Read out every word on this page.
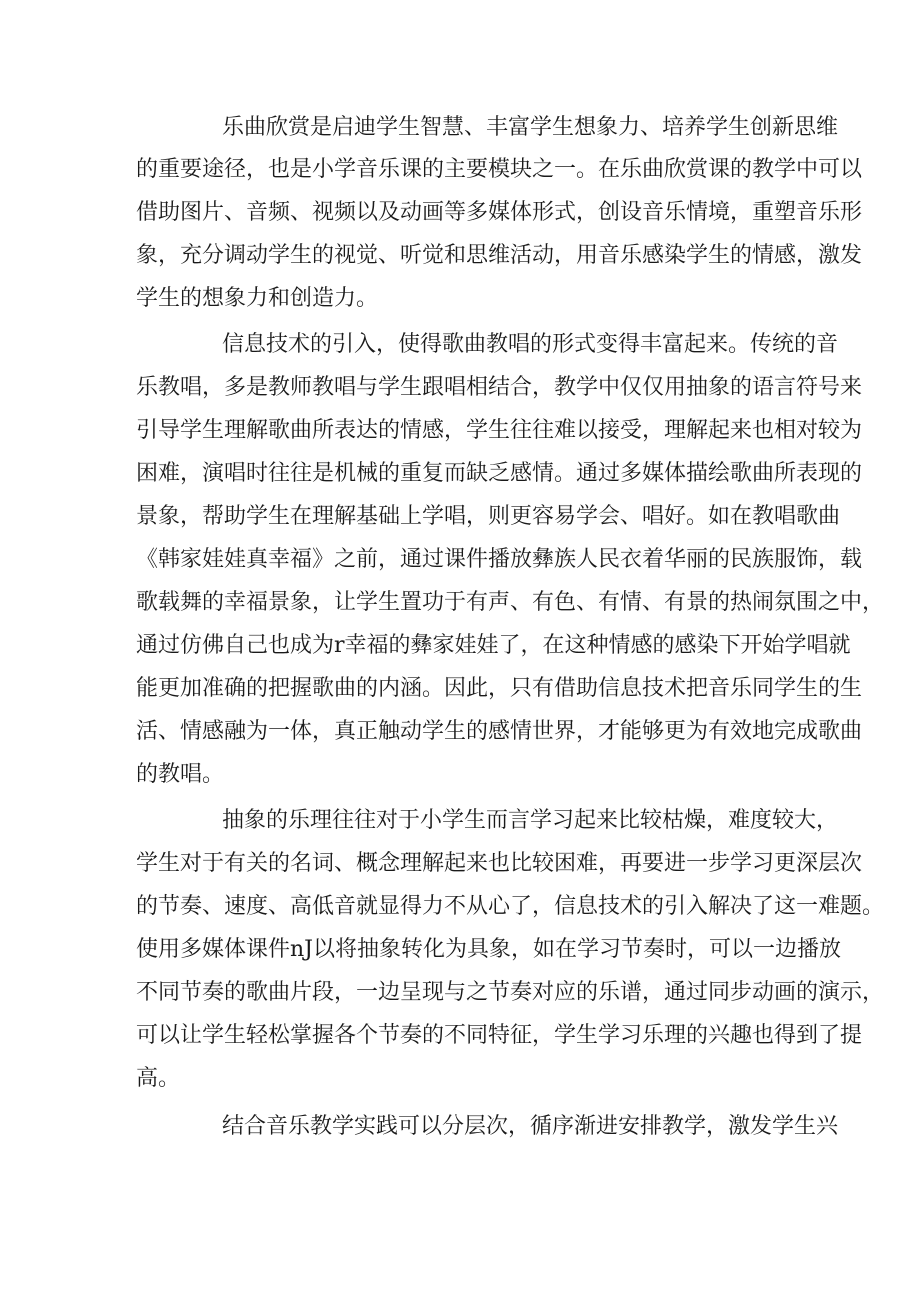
乐曲欣赏是启迪学生智慧、丰富学生想象力、培养学生创新思维
的重要途径，也是小学音乐课的主要模块之一。在乐曲欣赏课的教学中可以
借助图片、音频、视频以及动画等多媒体形式，创设音乐情境，重塑音乐形
象，充分调动学生的视觉、听觉和思维活动，用音乐感染学生的情感，激发
学生的想象力和创造力。
信息技术的引入，使得歌曲教唱的形式变得丰富起来。传统的音
乐教唱，多是教师教唱与学生跟唱相结合，教学中仅仅用抽象的语言符号来
引导学生理解歌曲所表达的情感，学生往往难以接受，理解起来也相对较为
困难，演唱时往往是机械的重复而缺乏感情。通过多媒体描绘歌曲所表现的
景象，帮助学生在理解基础上学唱，则更容易学会、唱好。如在教唱歌曲
《韩家娃娃真幸福》之前，通过课件播放彝族人民衣着华丽的民族服饰，载
歌载舞的幸福景象，让学生置功于有声、有色、有情、有景的热闹氛围之中，
通过仿佛自己也成为r幸福的彝家娃娃了，在这种情感的感染下开始学唱就
能更加准确的把握歌曲的内涵。因此，只有借助信息技术把音乐同学生的生
活、情感融为一体，真正触动学生的感情世界，才能够更为有效地完成歌曲
的教唱。
抽象的乐理往往对于小学生而言学习起来比较枯燥，难度较大，
学生对于有关的名词、概念理解起来也比较困难，再要进一步学习更深层次
的节奏、速度、高低音就显得力不从心了，信息技术的引入解决了这一难题。
使用多媒体课件nJ以将抽象转化为具象，如在学习节奏时，可以一边播放
不同节奏的歌曲片段，一边呈现与之节奏对应的乐谱，通过同步动画的演示，
可以让学生轻松掌握各个节奏的不同特征，学生学习乐理的兴趣也得到了提
高。
结合音乐教学实践可以分层次，循序渐进安排教学，激发学生兴
